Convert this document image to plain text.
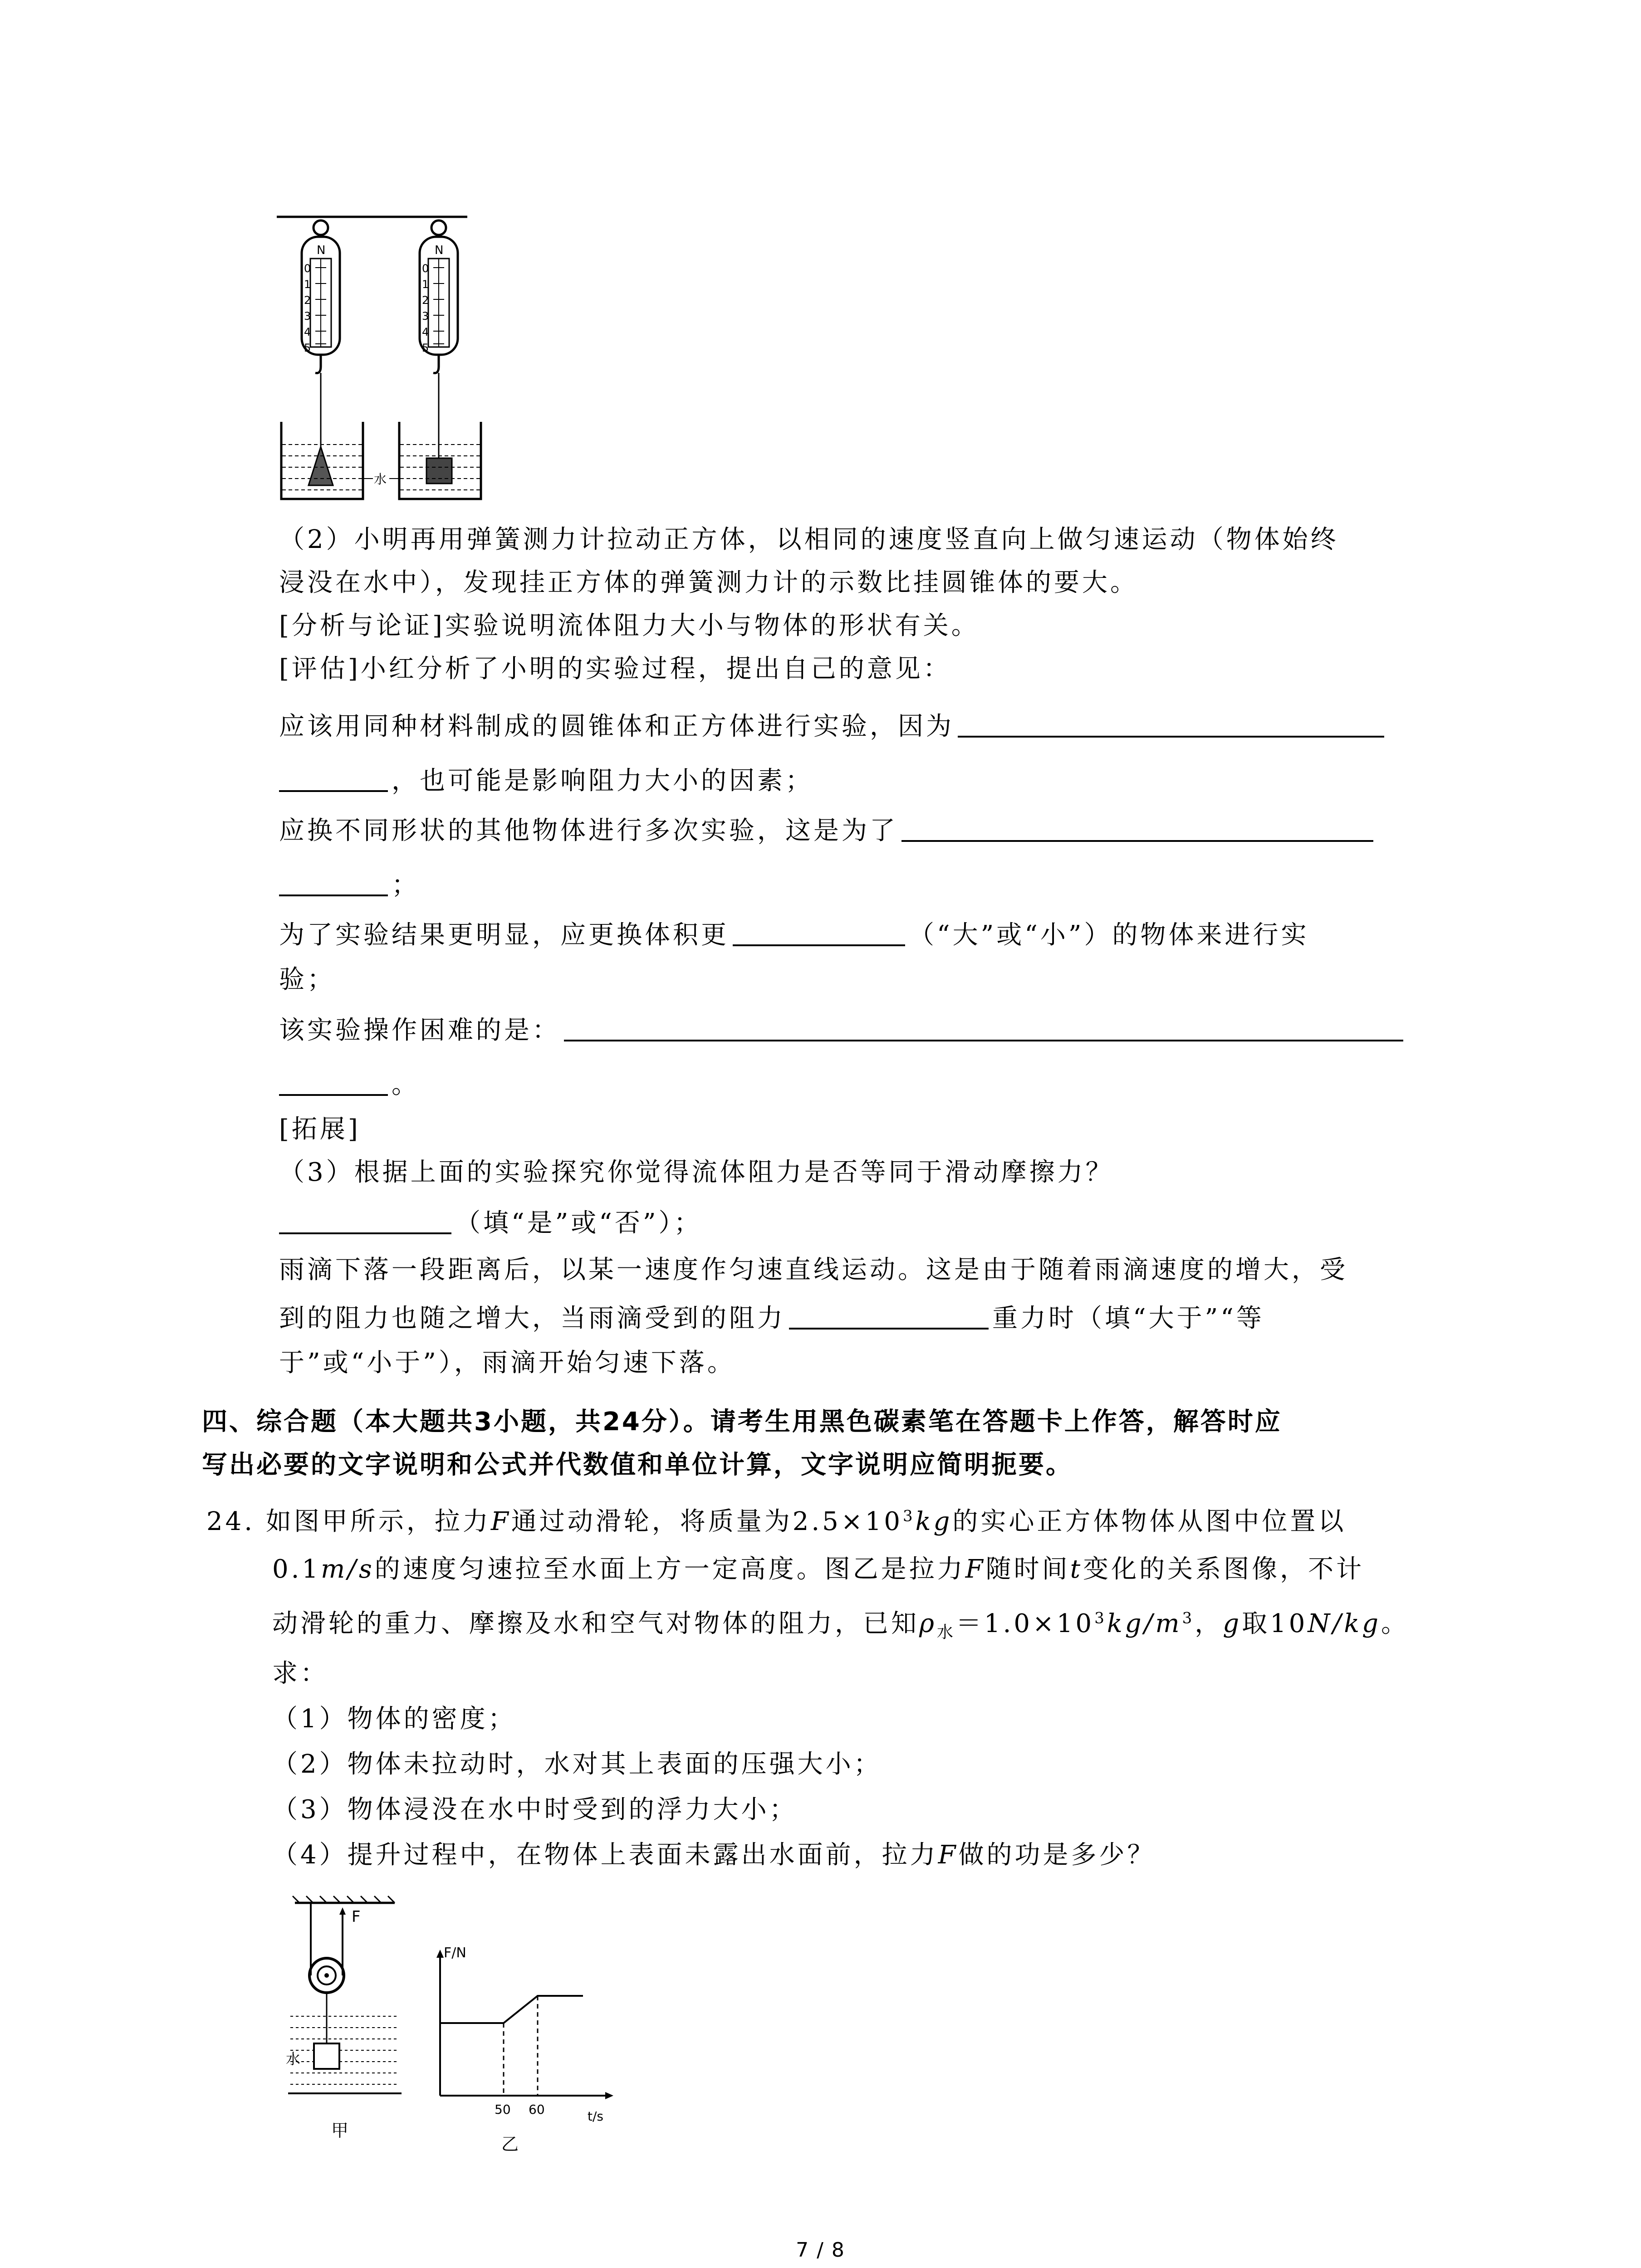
N
0
1
2
3
4
5
N
0
1
2
3
4
5
水
（2）小明再用弹簧测力计拉动正方体，以相同的速度竖直向上做匀速运动（物体始终
浸没在水中），发现挂正方体的弹簧测力计的示数比挂圆锥体的要大。
[分析与论证]实验说明流体阻力大小与物体的形状有关。
[评估]小红分析了小明的实验过程，提出自己的意见：
应该用同种材料制成的圆锥体和正方体进行实验，因为
，也可能是影响阻力大小的因素；
应换不同形状的其他物体进行多次实验，这是为了
；
为了实验结果更明显，应更换体积更	（“大”或“小”）的物体来进行实
验；
该实验操作困难的是：
。
[拓展]
（3）根据上面的实验探究你觉得流体阻力是否等同于滑动摩擦力？
（填“是”或“否”）；
雨滴下落一段距离后，以某一速度作匀速直线运动。这是由于随着雨滴速度的增大，受
到的阻力也随之增大，当雨滴受到的阻力	重力时（填“大于”“等
于”或“小于”），雨滴开始匀速下落。
四、综合题（本大题共3小题，共24分）。请考生用黑色碳素笔在答题卡上作答，解答时应
写出必要的文字说明和公式并代数值和单位计算，文字说明应简明扼要。
24. 如图甲所示，拉力F通过动滑轮，将质量为$2.5\times 10^3kg$的实心正方体物体从图中位置以
0.1m/s的速度匀速拉至水面上方一定高度。图乙是拉力F随时间t变化的关系图像，不计
动滑轮的重力、摩擦及水和空气对物体的阻力，已知$\rho_水=1.0\times 10^3kg/m^3$，g取10N/kg。
求：
（1）物体的密度；
（2）物体未拉动时，水对其上表面的压强大小；
（3）物体浸没在水中时受到的浮力大小；
（4）提升过程中，在物体上表面未露出水面前，拉力F做的功是多少？
F
水
甲
F/N
50 60	t/s
乙
7 / 8
